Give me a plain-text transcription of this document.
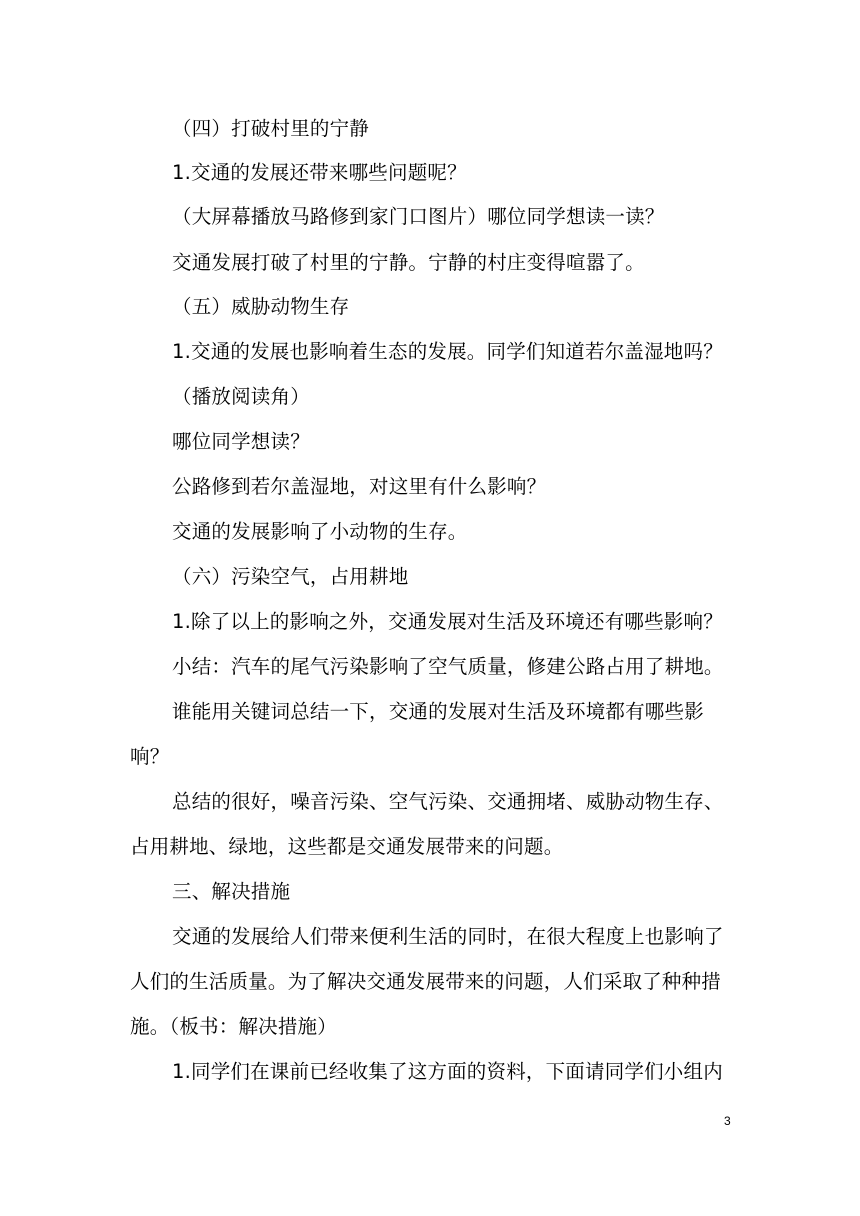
（四）打破村里的宁静
1.交通的发展还带来哪些问题呢？
（大屏幕播放马路修到家门口图片）哪位同学想读一读？
交通发展打破了村里的宁静。宁静的村庄变得喧嚣了。
（五）威胁动物生存
1.交通的发展也影响着生态的发展。同学们知道若尔盖湿地吗？
（播放阅读角）
哪位同学想读？
公路修到若尔盖湿地，对这里有什么影响？
交通的发展影响了小动物的生存。
（六）污染空气，占用耕地
1.除了以上的影响之外，交通发展对生活及环境还有哪些影响？
小结：汽车的尾气污染影响了空气质量，修建公路占用了耕地。
谁能用关键词总结一下，交通的发展对生活及环境都有哪些影
响？
总结的很好，噪音污染、空气污染、交通拥堵、威胁动物生存、
占用耕地、绿地，这些都是交通发展带来的问题。
三、解决措施
交通的发展给人们带来便利生活的同时，在很大程度上也影响了
人们的生活质量。为了解决交通发展带来的问题，人们采取了种种措
施。（板书：解决措施）
1.同学们在课前已经收集了这方面的资料，下面请同学们小组内
3
